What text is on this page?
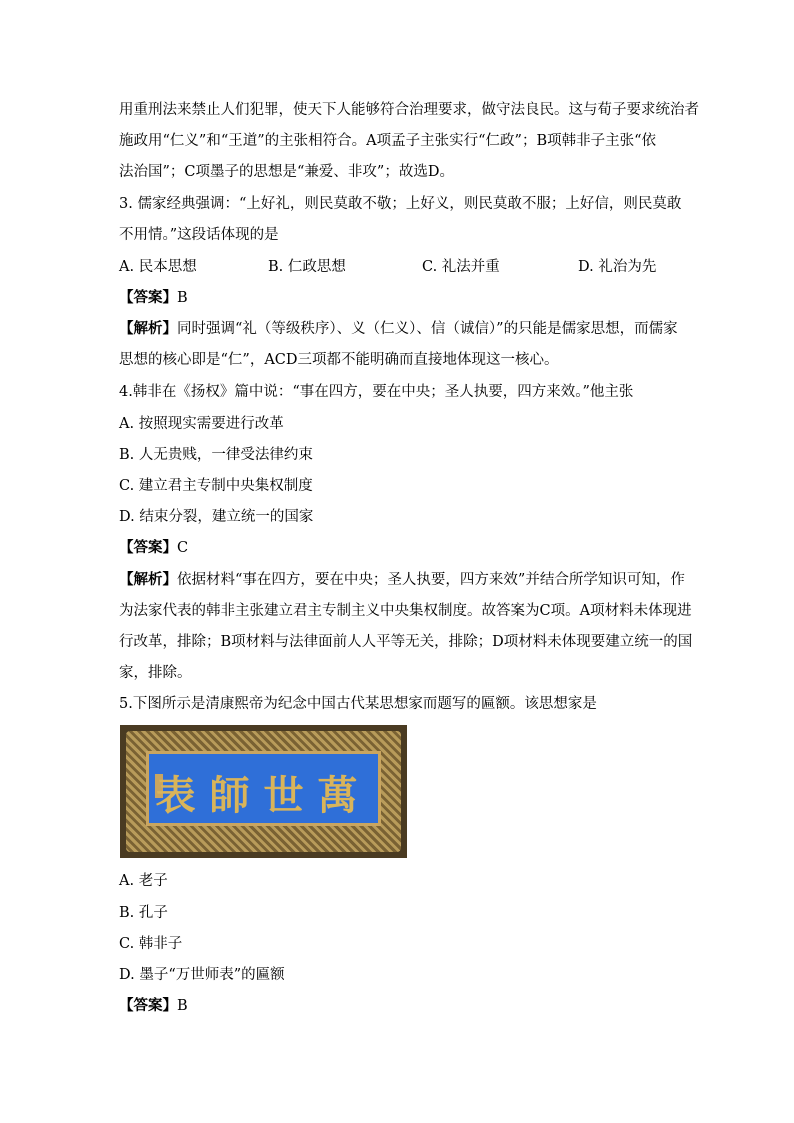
用重刑法来禁止人们犯罪，使天下人能够符合治理要求，做守法良民。这与荀子要求统治者
施政用“仁义”和“王道”的主张相符合。A项孟子主张实行“仁政”；B项韩非子主张“依
法治国”；C项墨子的思想是“兼爱、非攻”；故选D。
3. 儒家经典强调：“上好礼，则民莫敢不敬；上好义，则民莫敢不服；上好信，则民莫敢
不用情。”这段话体现的是
A. 民本思想	B. 仁政思想	C. 礼法并重	D. 礼治为先
【答案】B
【解析】同时强调“礼（等级秩序）、义（仁义）、信（诚信）”的只能是儒家思想，而儒家
思想的核心即是“仁”，ACD三项都不能明确而直接地体现这一核心。
4.韩非在《扬权》篇中说：“事在四方，要在中央；圣人执要，四方来效。”他主张
A. 按照现实需要进行改革
B. 人无贵贱，一律受法律约束
C. 建立君主专制中央集权制度
D. 结束分裂，建立统一的国家
【答案】C
【解析】依据材料“事在四方，要在中央；圣人执要，四方来效”并结合所学知识可知，作
为法家代表的韩非主张建立君主专制主义中央集权制度。故答案为C项。A项材料未体现进
行改革，排除；B项材料与法律面前人人平等无关，排除；D项材料未体现要建立统一的国
家，排除。
5.下图所示是清康熙帝为纪念中国古代某思想家而题写的匾额。该思想家是
表師世萬
A. 老子
B. 孔子
C. 韩非子
D. 墨子“万世师表”的匾额
【答案】B
